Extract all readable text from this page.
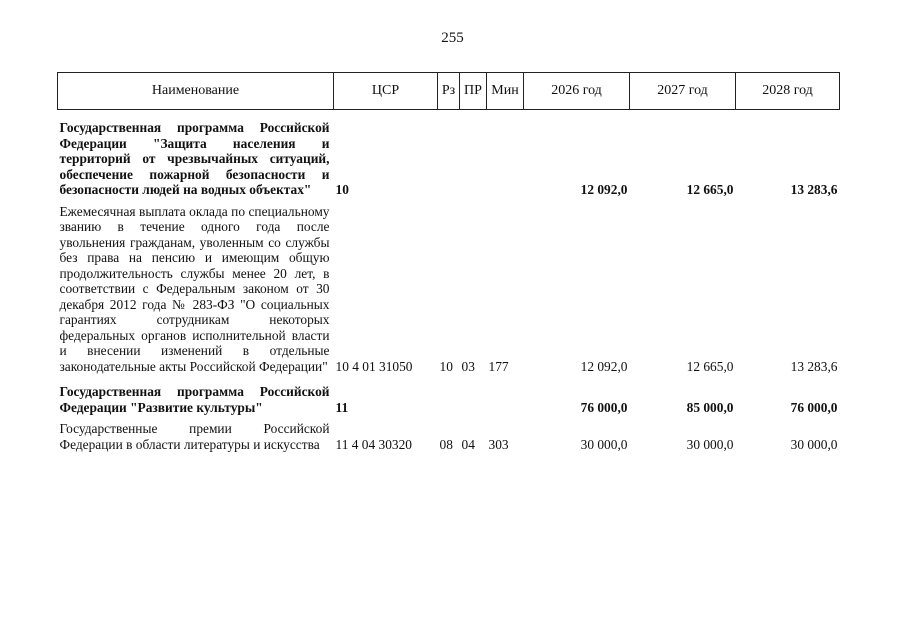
255
Наименование	ЦСР	Рз	ПР	Мин	2026 год	2027 год	2028 год
Государственная программа Российской Федерации "Защита населения и территорий от чрезвычайных ситуаций, обеспечение пожарной безопасности и безопасности людей на водных объектах"	10				12 092,0	12 665,0	13 283,6
Ежемесячная выплата оклада по специальному званию в течение одного года после увольнения гражданам, уволенным со службы без права на пенсию и имеющим общую продолжительность службы менее 20 лет, в соответствии с Федеральным законом от 30 декабря 2012 года № 283-ФЗ "О социальных гарантиях сотрудникам некоторых федеральных органов исполнительной власти и внесении изменений в отдельные законодательные акты Российской Федерации"	10 4 01 31050	10	03	177	12 092,0	12 665,0	13 283,6
Государственная программа Российской Федерации "Развитие культуры"	11				76 000,0	85 000,0	76 000,0
Государственные премии Российской Федерации в области литературы и искусства	11 4 04 30320	08	04	303	30 000,0	30 000,0	30 000,0
